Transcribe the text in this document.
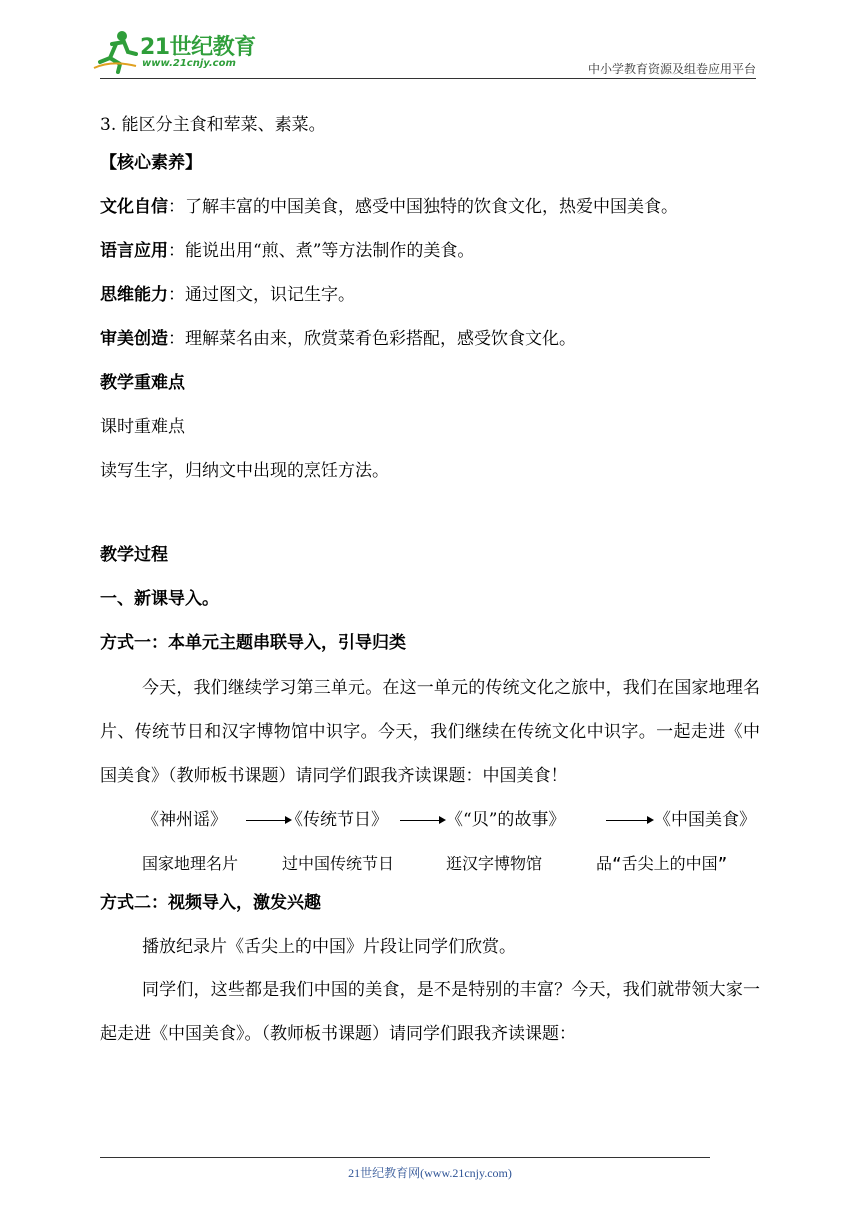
21世纪教育
www.21cnjy.com	中小学教育资源及组卷应用平台

3. 能区分主食和荤菜、素菜。

【核心素养】

文化自信：了解丰富的中国美食，感受中国独特的饮食文化，热爱中国美食。

语言应用：能说出用“煎、煮”等方法制作的美食。

思维能力：通过图文，识记生字。

审美创造：理解菜名由来，欣赏菜肴色彩搭配，感受饮食文化。

教学重难点

课时重难点

读写生字，归纳文中出现的烹饪方法。

教学过程

一、新课导入。

方式一：本单元主题串联导入，引导归类

今天，我们继续学习第三单元。在这一单元的传统文化之旅中，我们在国家地理名片、传统节日和汉字博物馆中识字。今天，我们继续在传统文化中识字。一起走进《中国美食》（教师板书课题）请同学们跟我齐读课题：中国美食！

《神州谣》	《传统节日》	《“贝”的故事》	《中国美食》
国家地理名片	过中国传统节日	逛汉字博物馆	品“舌尖上的中国”

方式二：视频导入，激发兴趣

播放纪录片《舌尖上的中国》片段让同学们欣赏。

同学们，这些都是我们中国的美食，是不是特别的丰富？今天，我们就带领大家一起走进《中国美食》。（教师板书课题）请同学们跟我齐读课题：

21世纪教育网(www.21cnjy.com)
